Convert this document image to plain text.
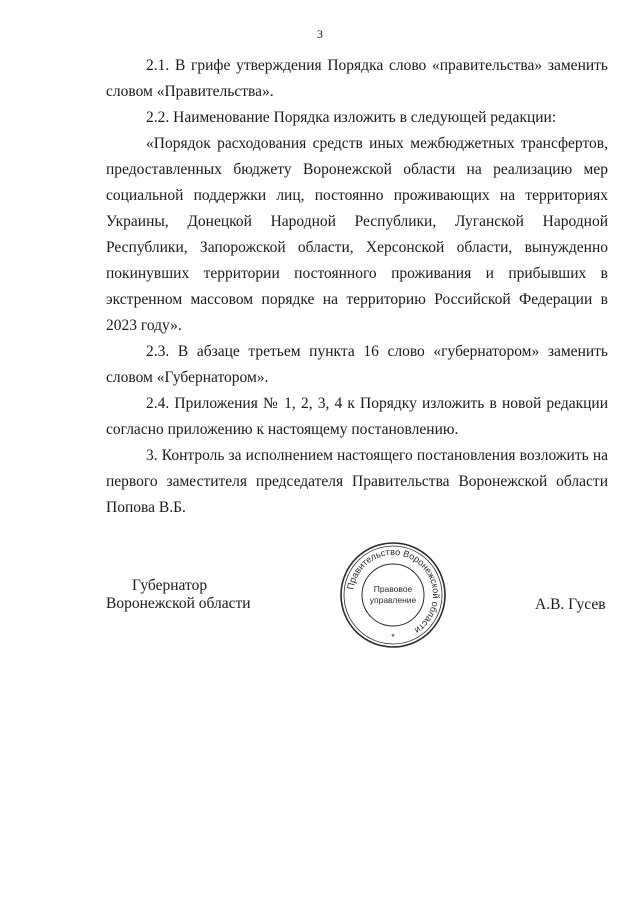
3

2.1. В грифе утверждения Порядка слово «правительства» заменить словом «Правительства».

2.2. Наименование Порядка изложить в следующей редакции:

«Порядок расходования средств иных межбюджетных трансфертов, предоставленных бюджету Воронежской области на реализацию мер социальной поддержки лиц, постоянно проживающих на территориях Украины, Донецкой Народной Республики, Луганской Народной Республики, Запорожской области, Херсонской области, вынужденно покинувших территории постоянного проживания и прибывших в экстренном массовом порядке на территорию Российской Федерации в 2023 году».

2.3. В абзаце третьем пункта 16 слово «губернатором» заменить словом «Губернатором».

2.4. Приложения № 1, 2, 3, 4 к Порядку изложить в новой редакции согласно приложению к настоящему постановлению.

3. Контроль за исполнением настоящего постановления возложить на первого заместителя председателя Правительства Воронежской области Попова В.Б.

Губернатор
Воронежской области
Правительство Воронежской области
Правовое
управление
*
А.В. Гусев
